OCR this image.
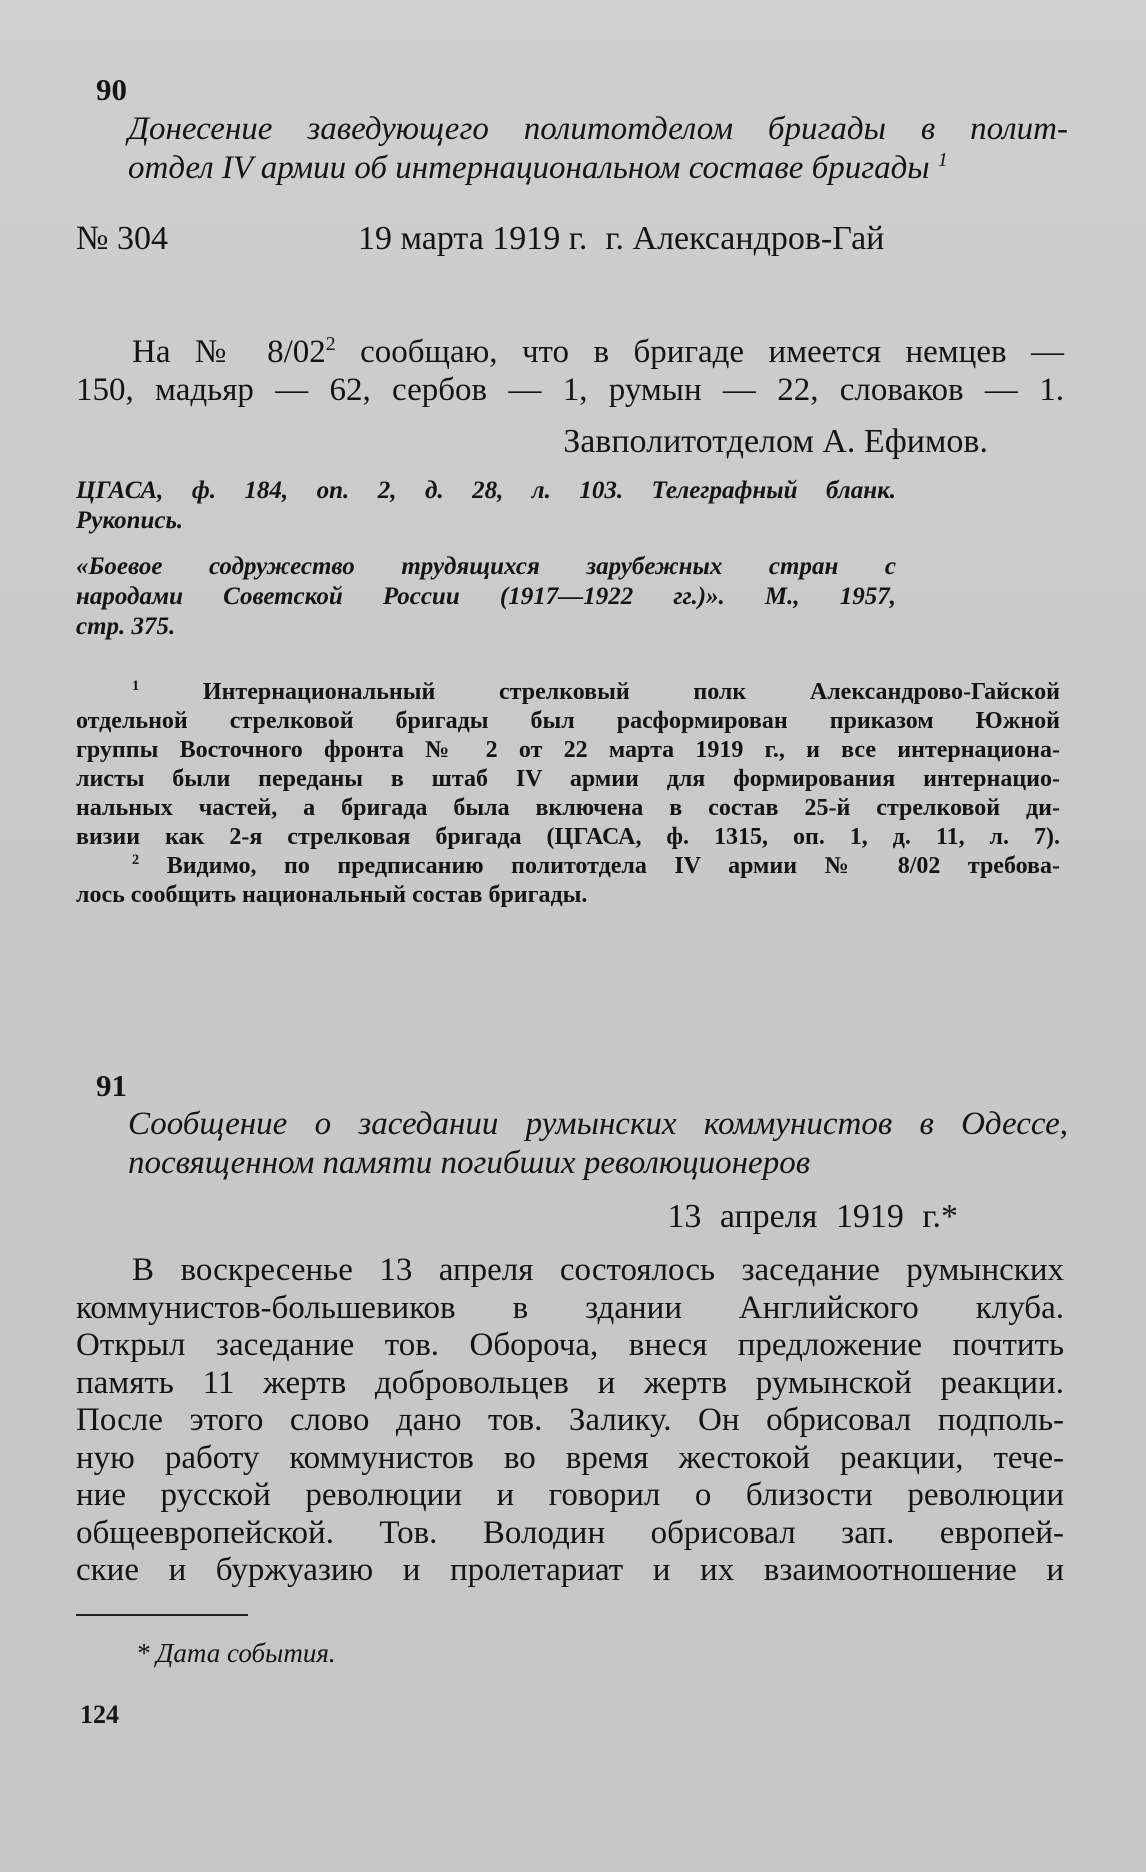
90
Донесение заведующего политотделом бригады в полит-
отдел IV армии об интернациональном составе бригады $^1$
№ 304	19 марта 1919 г. г. Александров-Гай
На № $8/02^2$ сообщаю, что в бригаде имеется немцев —
150, мадьяр — 62, сербов — 1, румын — 22, словаков — 1.
Завполитотделом А. Ефимов.
ЦГАСА, ф. 184, оп. 2, д. 28, л. 103. Телеграфный бланк.
Рукопись.
«Боевое содружество трудящихся зарубежных стран с
народами Советской России (1917—1922 гг.)». М., 1957,
стр. 375.
$^1$ Интернациональный стрелковый полк Александрово-Гайской
отдельной стрелковой бригады был расформирован приказом Южной
группы Восточного фронта № 2 от 22 марта 1919 г., и все интернациона-
листы были переданы в штаб IV армии для формирования интернацио-
нальных частей, а бригада была включена в состав 25-й стрелковой ди-
визии как 2-я стрелковая бригада (ЦГАСА, ф. 1315, оп. 1, д. 11, л. 7).
$^2$ Видимо, по предписанию политотдела IV армии № 8/02 требова-
лось сообщить национальный состав бригады.
91
Сообщение о заседании румынских коммунистов в Одессе,
посвященном памяти погибших революционеров
13 апреля 1919 г.*
В воскресенье 13 апреля состоялось заседание румынских
коммунистов-большевиков в здании Английского клуба.
Открыл заседание тов. Обороча, внеся предложение почтить
память 11 жертв добровольцев и жертв румынской реакции.
После этого слово дано тов. Залику. Он обрисовал подполь-
ную работу коммунистов во время жестокой реакции, тече-
ние русской революции и говорил о близости революции
общеевропейской. Тов. Володин обрисовал зап. европей-
ские и буржуазию и пролетариат и их взаимоотношение и
* Дата события.
124
